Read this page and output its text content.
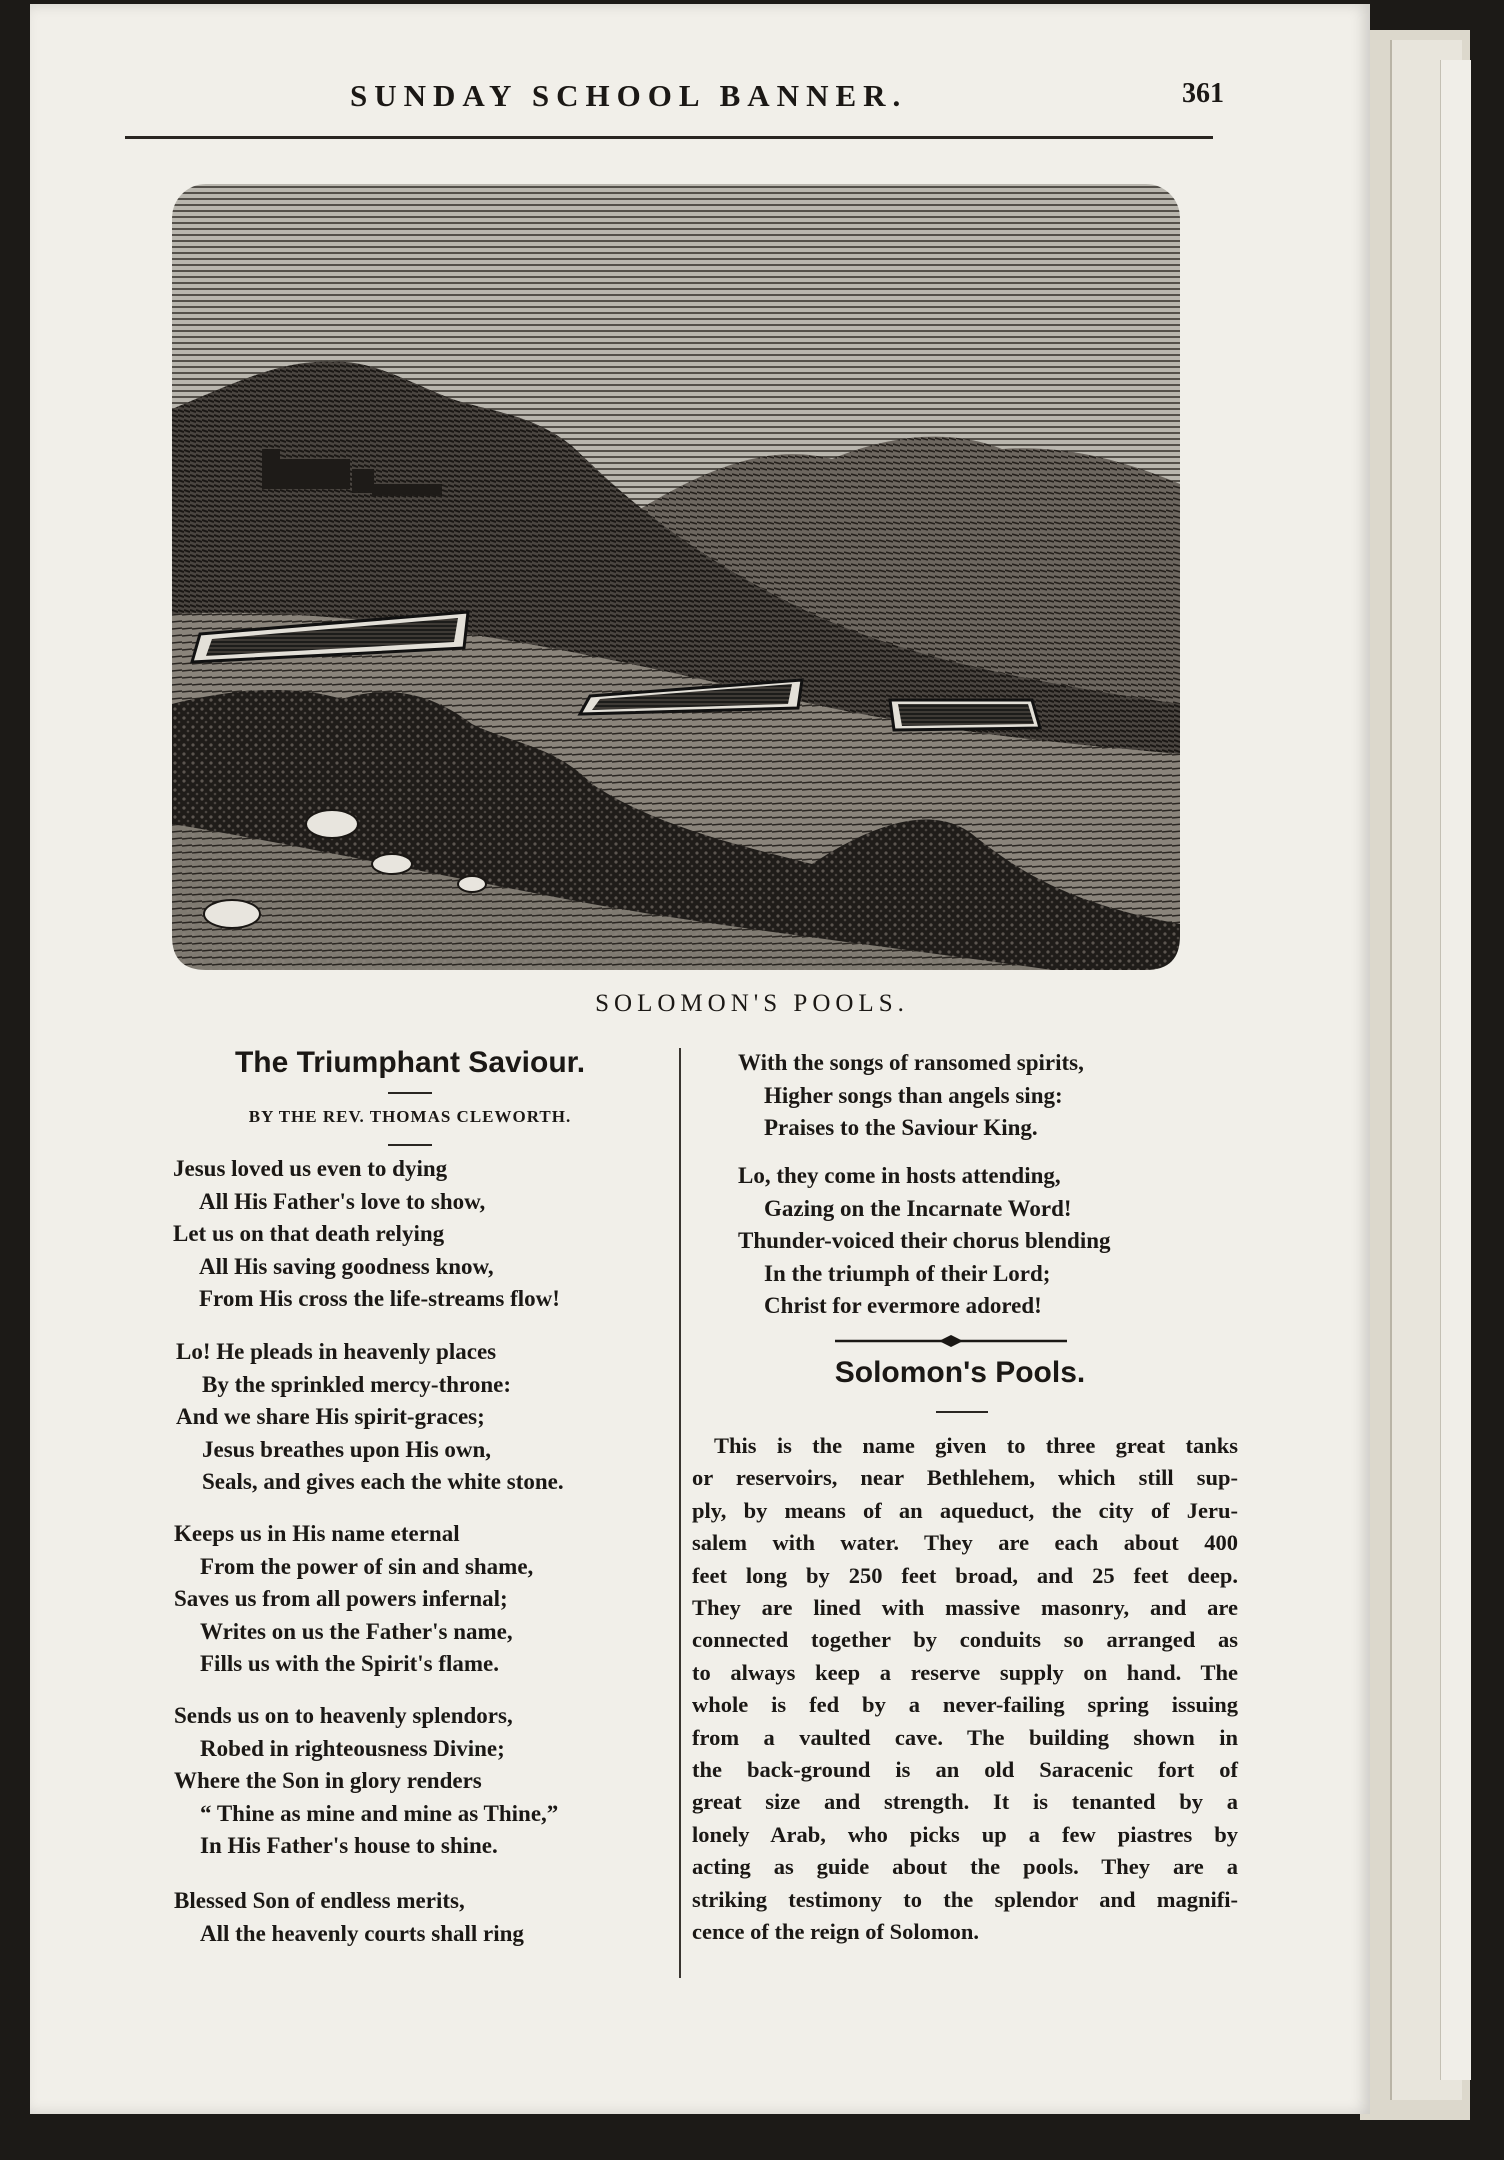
SUNDAY SCHOOL BANNER.	361
SOLOMON'S POOLS.
The Triumphant Saviour.
BY THE REV. THOMAS CLEWORTH.
Jesus loved us even to dying
All His Father's love to show,
Let us on that death relying
All His saving goodness know,
From His cross the life-streams flow!
Lo! He pleads in heavenly places
By the sprinkled mercy-throne:
And we share His spirit-graces;
Jesus breathes upon His own,
Seals, and gives each the white stone.
Keeps us in His name eternal
From the power of sin and shame,
Saves us from all powers infernal;
Writes on us the Father's name,
Fills us with the Spirit's flame.
Sends us on to heavenly splendors,
Robed in righteousness Divine;
Where the Son in glory renders
“ Thine as mine and mine as Thine,”
In His Father's house to shine.
Blessed Son of endless merits,
All the heavenly courts shall ring
With the songs of ransomed spirits,
Higher songs than angels sing:
Praises to the Saviour King.
Lo, they come in hosts attending,
Gazing on the Incarnate Word!
Thunder-voiced their chorus blending
In the triumph of their Lord;
Christ for evermore adored!
Solomon's Pools.
This is the name given to three great tanks
or reservoirs, near Bethlehem, which still sup-
ply, by means of an aqueduct, the city of Jeru-
salem with water. They are each about 400
feet long by 250 feet broad, and 25 feet deep.
They are lined with massive masonry, and are
connected together by conduits so arranged as
to always keep a reserve supply on hand. The
whole is fed by a never-failing spring issuing
from a vaulted cave. The building shown in
the back-ground is an old Saracenic fort of
great size and strength. It is tenanted by a
lonely Arab, who picks up a few piastres by
acting as guide about the pools. They are a
striking testimony to the splendor and magnifi-
cence of the reign of Solomon.
